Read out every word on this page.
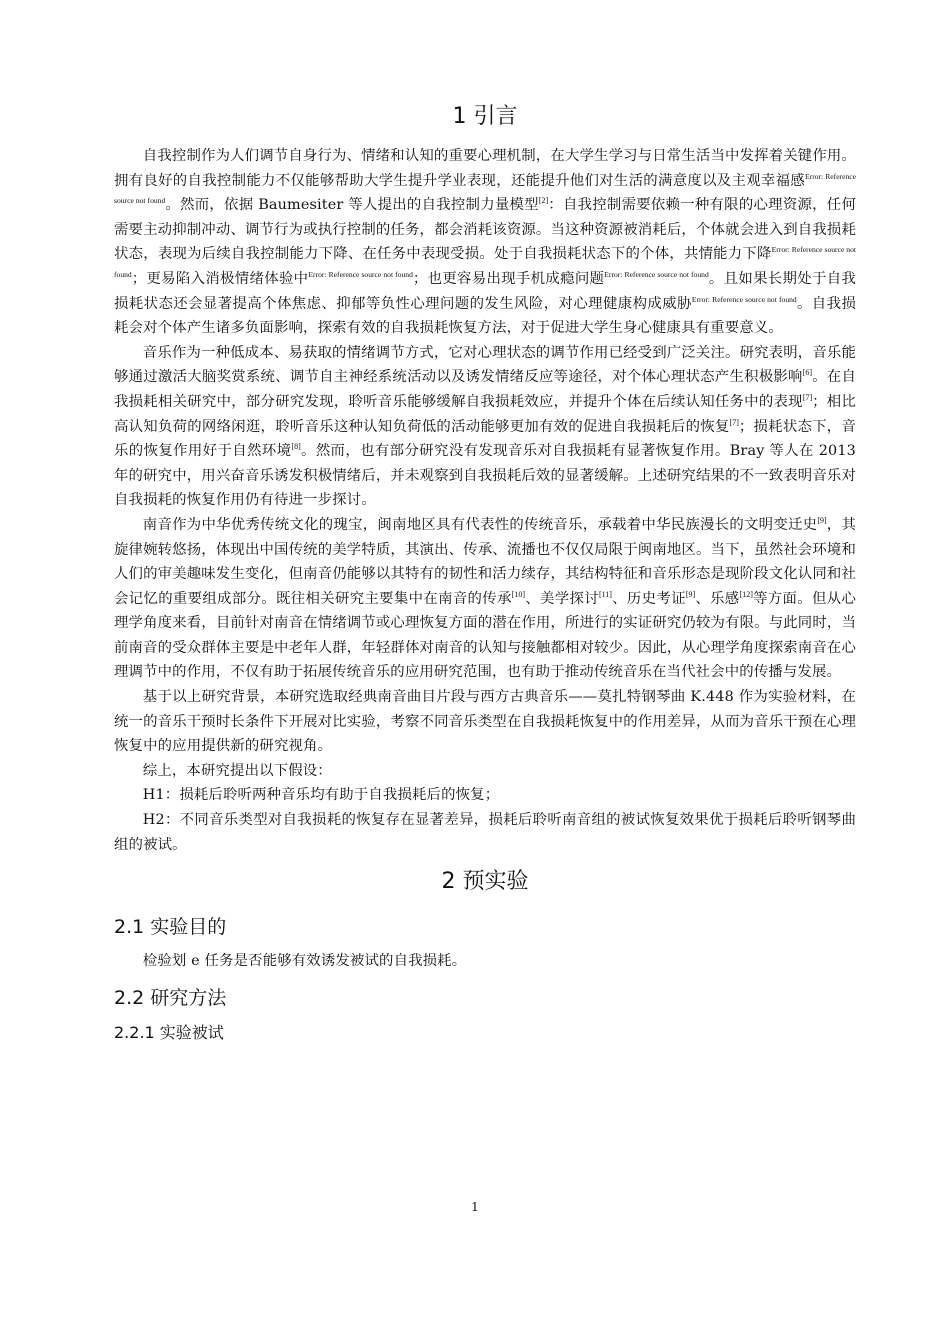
1 引言

自我控制作为人们调节自身行为、情绪和认知的重要心理机制，在大学生学习与日常生活当中发挥着关键作用。拥有良好的自我控制能力不仅能够帮助大学生提升学业表现，还能提升他们对生活的满意度以及主观幸福感$^{Error: Reference source not found}$。然而，依据 Baumesiter 等人提出的自我控制力量模型[2]：自我控制需要依赖一种有限的心理资源，任何需要主动抑制冲动、调节行为或执行控制的任务，都会消耗该资源。当这种资源被消耗后，个体就会进入到自我损耗状态，表现为后续自我控制能力下降、在任务中表现受损。处于自我损耗状态下的个体，共情能力下降$^{Error: Reference source not found}$；更易陷入消极情绪体验中$^{Error: Reference source not found}$；也更容易出现手机成瘾问题$^{Error: Reference source not found}$。且如果长期处于自我损耗状态还会显著提高个体焦虑、抑郁等负性心理问题的发生风险，对心理健康构成威胁$^{Error: Reference source not found}$。自我损耗会对个体产生诸多负面影响，探索有效的自我损耗恢复方法，对于促进大学生身心健康具有重要意义。

音乐作为一种低成本、易获取的情绪调节方式，它对心理状态的调节作用已经受到广泛关注。研究表明，音乐能够通过激活大脑奖赏系统、调节自主神经系统活动以及诱发情绪反应等途径，对个体心理状态产生积极影响[6]。在自我损耗相关研究中，部分研究发现，聆听音乐能够缓解自我损耗效应，并提升个体在后续认知任务中的表现[7]；相比高认知负荷的网络闲逛，聆听音乐这种认知负荷低的活动能够更加有效的促进自我损耗后的恢复[7]；损耗状态下，音乐的恢复作用好于自然环境[8]。然而，也有部分研究没有发现音乐对自我损耗有显著恢复作用。Bray 等人在 2013 年的研究中，用兴奋音乐诱发积极情绪后，并未观察到自我损耗后效的显著缓解。上述研究结果的不一致表明音乐对自我损耗的恢复作用仍有待进一步探讨。

南音作为中华优秀传统文化的瑰宝，闽南地区具有代表性的传统音乐，承载着中华民族漫长的文明变迁史[9]，其旋律婉转悠扬，体现出中国传统的美学特质，其演出、传承、流播也不仅仅局限于闽南地区。当下，虽然社会环境和人们的审美趣味发生变化，但南音仍能够以其特有的韧性和活力续存，其结构特征和音乐形态是现阶段文化认同和社会记忆的重要组成部分。既往相关研究主要集中在南音的传承[10]、美学探讨[11]、历史考证[9]、乐感[12]等方面。但从心理学角度来看，目前针对南音在情绪调节或心理恢复方面的潜在作用，所进行的实证研究仍较为有限。与此同时，当前南音的受众群体主要是中老年人群，年轻群体对南音的认知与接触都相对较少。因此，从心理学角度探索南音在心理调节中的作用，不仅有助于拓展传统音乐的应用研究范围，也有助于推动传统音乐在当代社会中的传播与发展。

基于以上研究背景，本研究选取经典南音曲目片段与西方古典音乐——莫扎特钢琴曲 K.448 作为实验材料，在统一的音乐干预时长条件下开展对比实验，考察不同音乐类型在自我损耗恢复中的作用差异，从而为音乐干预在心理恢复中的应用提供新的研究视角。

综上，本研究提出以下假设：

H1：损耗后聆听两种音乐均有助于自我损耗后的恢复；

H2：不同音乐类型对自我损耗的恢复存在显著差异，损耗后聆听南音组的被试恢复效果优于损耗后聆听钢琴曲组的被试。

2 预实验
2.1 实验目的

检验划 e 任务是否能够有效诱发被试的自我损耗。

2.2 研究方法
2.2.1 实验被试
1
